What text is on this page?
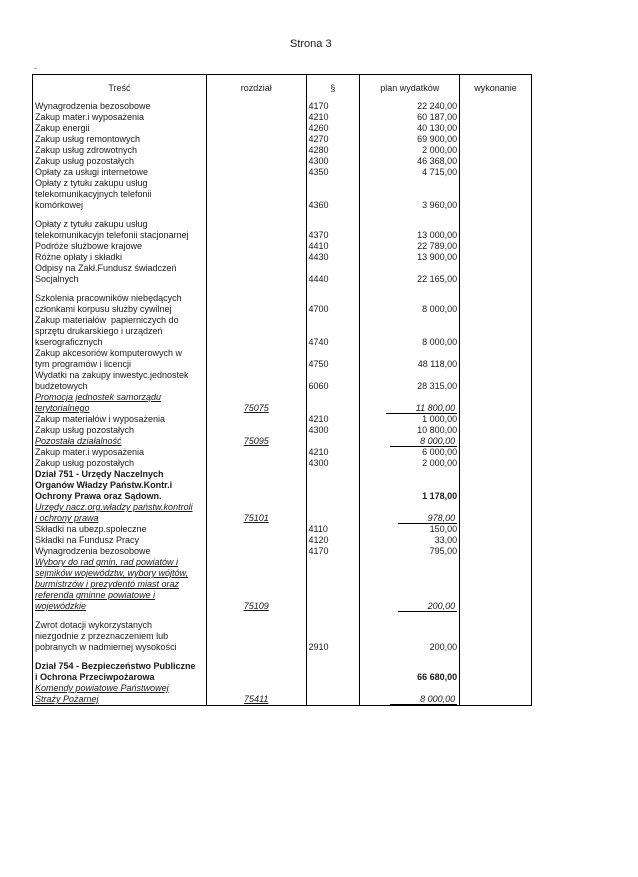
Strona 3
-
Treść	rozdział	§	plan wydatków	wykonanie
Wynagrodzenia bezosobowe		4170	22 240,00	
Zakup mater.i wyposażenia		4210	60 187,00	
Zakup energii		4260	40 130,00	
Zakup usług remontowych		4270	69 900,00	
Zakup usług zdrowotnych		4280	2 000,00	
Zakup usług pozostałych		4300	46 368,00	
Opłaty za usługi internetowe		4350	4 715,00	
Opłaty z tytułu zakupu usług
telekomunikacyjnych telefonii
komórkowej		4360	3 960,00	

Opłaty z tytułu zakupu usług
telekomunikacyjn telefonii stacjonarnej		4370	13 000,00	
Podróże służbowe krajowe		4410	22 789,00	
Różne opłaty i składki		4430	13 900,00	
Odpisy na Zakł.Fundusz świadczeń
Socjalnych		4440	22 165,00	

Szkolenia pracowników niebędących
członkami korpusu służby cywilnej		4700	8 000,00	
Zakup materiałów  papierniczych do
sprzętu drukarskiego i urządzeń
kserograficznych		4740	8 000,00	
Zakup akcesoriów komputerowych w
tym programów i licencji		4750	48 118,00	
Wydatki na zakupy inwestyc.jednostek
budżetowych		6060	28 315,00	
Promocja jednostek samorządu
terytorialnego	75075		11 800,00	
Zakup materiałów i wyposażenia		4210	1 000,00	
Zakup usług pozostałych		4300	10 800,00	
Pozostała działalność	75095		8 000,00	
Zakup mater.i wyposażenia		4210	6 000,00	
Zakup usług pozostałych		4300	2 000,00	
Dział 751 - Urzędy Naczelnych
Organów Władzy Państw.Kontr.i
Ochrony Prawa oraz Sądown.			1 178,00	
Urzędy nacz.org.władzy państw.kontroli
i ochrony prawa	75101		978,00	
Składki na ubezp.społeczne		4110	150,00	
Składki na Fundusz Pracy		4120	33,00	
Wynagrodzenia bezosobowe		4170	795,00	
Wybory do rad gmin, rad powiatów i
sejmików województw, wybory wójtów,
burmistrzów i prezydentó miast oraz
referenda gminne powiatowe i
wojewódzkie	75109		200,00	

Zwrot dotacji wykorzystanych
niezgodnie z przeznaczeniem lub
pobranych w nadmiernej wysokości		2910	200,00	

Dział 754 - Bezpieczeństwo Publiczne
i Ochrona Przeciwpożarowa			66 680,00	
Komendy powiatowe Państwowej
Straży Pożarnej	75411		8 000,00	
